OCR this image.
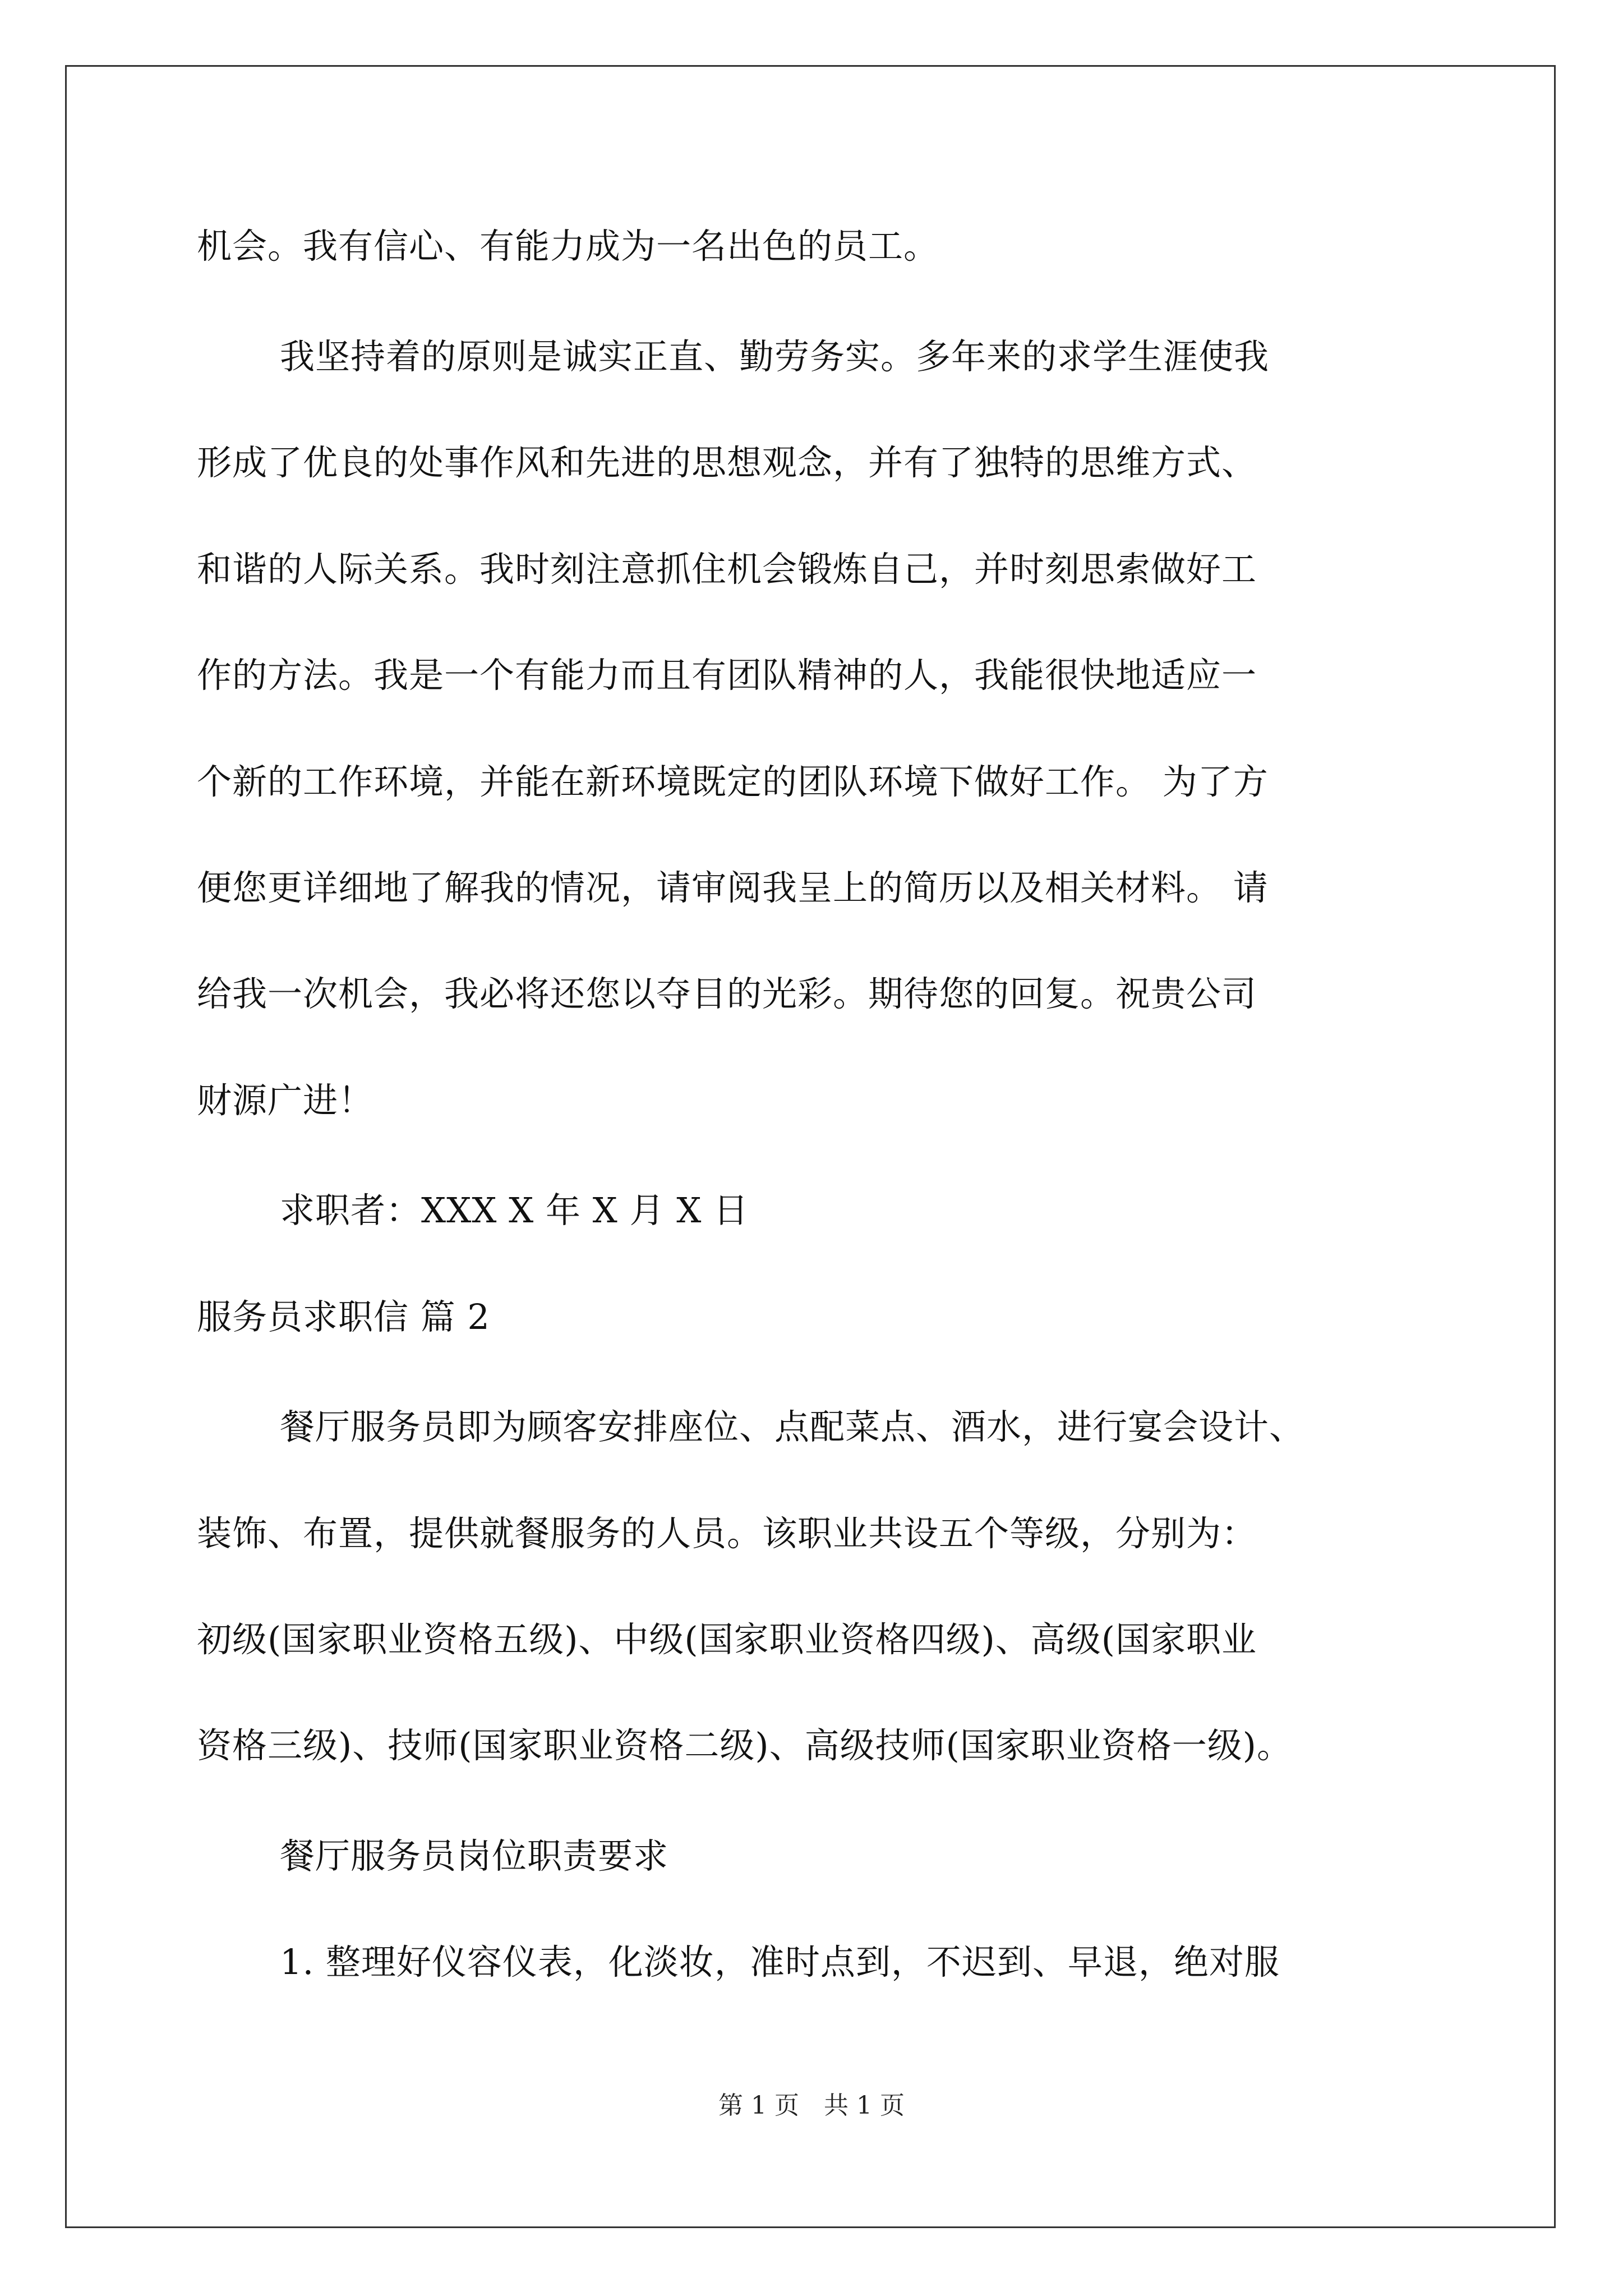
机会。我有信心、有能力成为一名出色的员工。
我坚持着的原则是诚实正直、勤劳务实。多年来的求学生涯使我
形成了优良的处事作风和先进的思想观念，并有了独特的思维方式、
和谐的人际关系。我时刻注意抓住机会锻炼自己，并时刻思索做好工
作的方法。我是一个有能力而且有团队精神的人，我能很快地适应一
个新的工作环境，并能在新环境既定的团队环境下做好工作。 为了方
便您更详细地了解我的情况，请审阅我呈上的简历以及相关材料。 请
给我一次机会，我必将还您以夺目的光彩。期待您的回复。祝贵公司
财源广进！
求职者：XXX X 年 X 月 X 日
服务员求职信 篇 2
餐厅服务员即为顾客安排座位、点配菜点、酒水，进行宴会设计、
装饰、布置，提供就餐服务的人员。该职业共设五个等级，分别为：
初级(国家职业资格五级)、中级(国家职业资格四级)、高级(国家职业
资格三级)、技师(国家职业资格二级)、高级技师(国家职业资格一级)。
餐厅服务员岗位职责要求
1. 整理好仪容仪表，化淡妆，准时点到，不迟到、早退，绝对服
第 1 页　共 1 页
